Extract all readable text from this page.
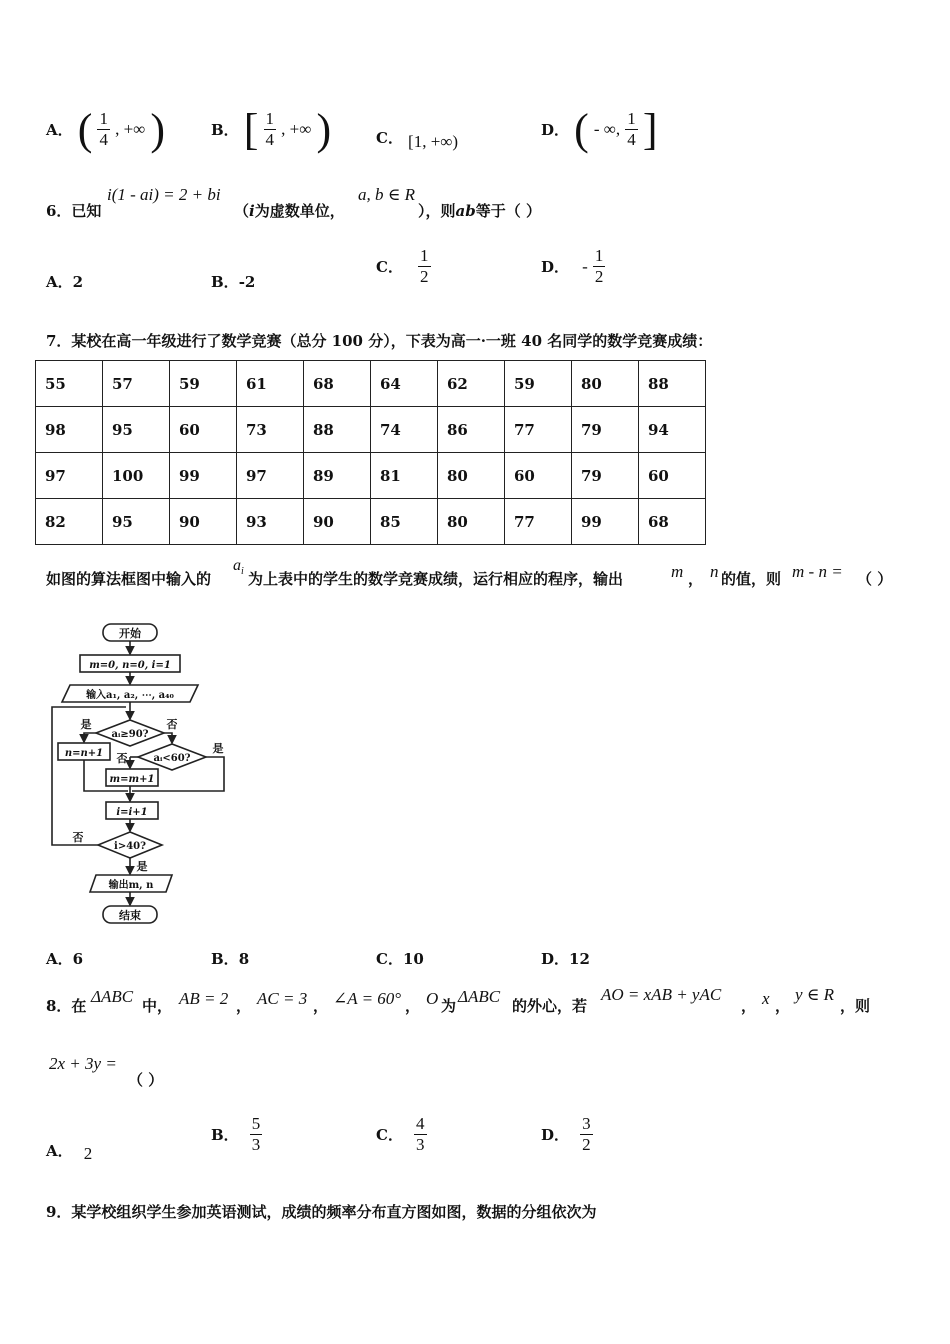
A． ( $\frac{1}{4}$ , +∞ )	B． [ $\frac{1}{4}$ , +∞ )	C． [1, +∞)
D． ( - ∞, $\frac{1}{4}$ ]
6．已知
i(1 - ai) = 2 + bi
（i为虚数单位，
a, b ∈ R
），则ab等于（ ）
A．2	B．-2
C． $\frac{1}{2}$	D． - $\frac{1}{2}$
7．某校在高一年级进行了数学竞赛（总分 100 分），下表为高一·一班 40 名同学的数学竞赛成绩：
55	57	59	61	68	64	62	59	80	88
98	95	60	73	88	74	86	77	79	94
97	100	99	97	89	81	80	60	79	60
82	95	90	93	90	85	80	77	99	68
如图的算法框图中输入的
$a_i$ 为上表中的学生的数学竞赛成绩，运行相应的程序，输出	m ， n 的值，则 m - n = （ ）
开始
m=0, n=0, i=1
输入a₁, a₂, ⋯, a₄₀
aᵢ≥90?
n=n+1	aᵢ<60?
m=m+1
i=i+1
i>40?
输出m, n
结束
是	否
否
是
否
是
A．6	B．8	C．10	D．12
8．在 ΔABC 中， AB = 2 ， AC = 3 ， ∠A = 60° ， O 为 ΔABC 的外心，若
AO = xAB + yAC
， x ，
y ∈ R
，则
2x + 3y =
（ ）
A． 2
B． $\frac{5}{3}$	C． $\frac{4}{3}$	D． $\frac{3}{2}$
9．某学校组织学生参加英语测试，成绩的频率分布直方图如图，数据的分组依次为
